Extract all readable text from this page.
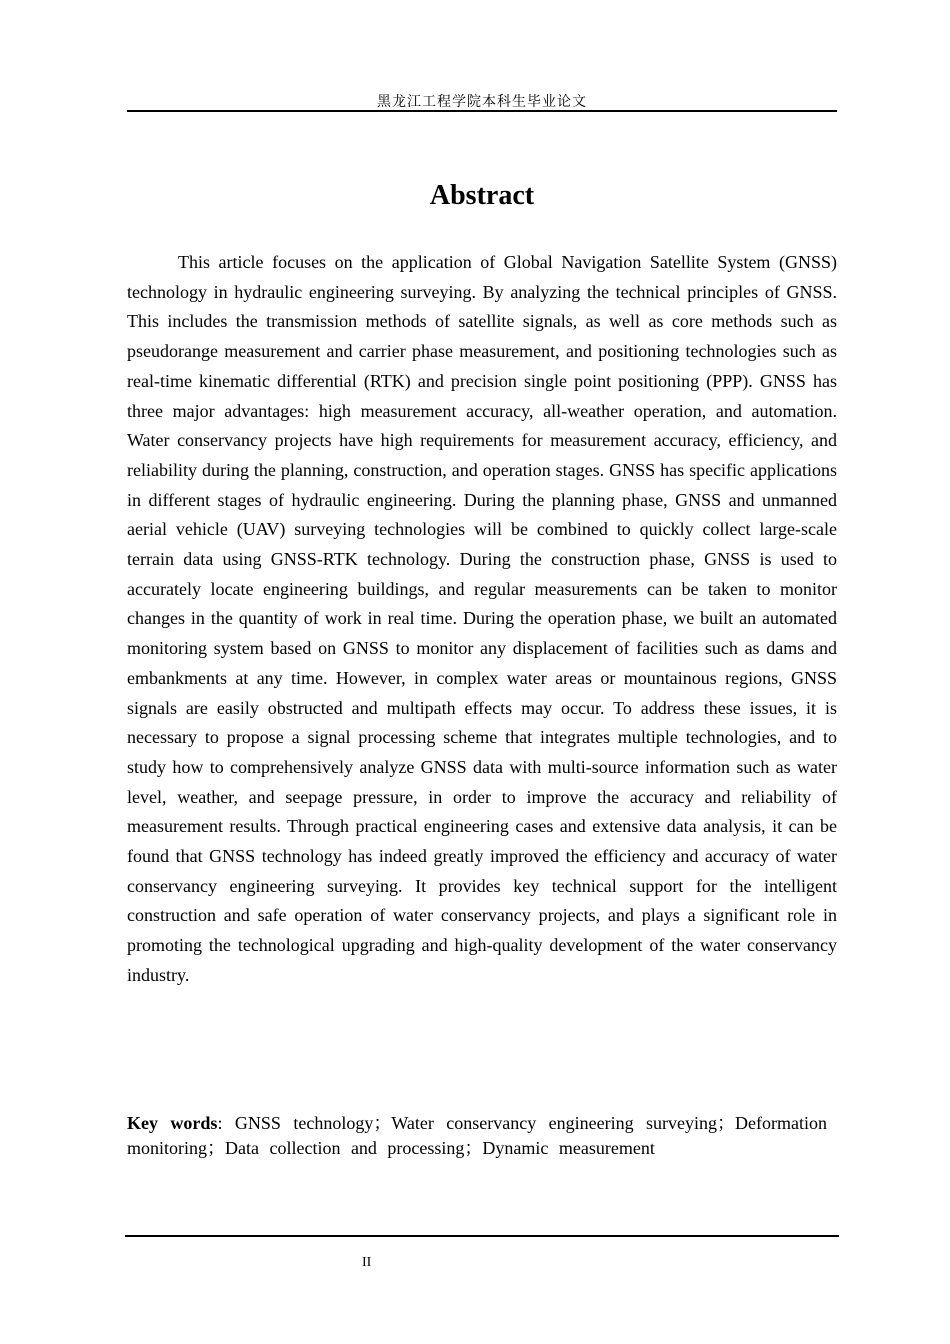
黑龙江工程学院本科生毕业论文
Abstract

This article focuses on the application of Global Navigation Satellite System (GNSS) technology in hydraulic engineering surveying. By analyzing the technical principles of GNSS. This includes the transmission methods of satellite signals, as well as core methods such as pseudorange measurement and carrier phase measurement, and positioning technologies such as real-time kinematic differential (RTK) and precision single point positioning (PPP). GNSS has three major advantages: high measurement accuracy, all-weather operation, and automation. Water conservancy projects have high requirements for measurement accuracy, efficiency, and reliability during the planning, construction, and operation stages. GNSS has specific applications in different stages of hydraulic engineering. During the planning phase, GNSS and unmanned aerial vehicle (UAV) surveying technologies will be combined to quickly collect large-scale terrain data using GNSS-RTK technology. During the construction phase, GNSS is used to accurately locate engineering buildings, and regular measurements can be taken to monitor changes in the quantity of work in real time. During the operation phase, we built an automated monitoring system based on GNSS to monitor any displacement of facilities such as dams and embankments at any time. However, in complex water areas or mountainous regions, GNSS signals are easily obstructed and multipath effects may occur. To address these issues, it is necessary to propose a signal processing scheme that integrates multiple technologies, and to study how to comprehensively analyze GNSS data with multi-source information such as water level, weather, and seepage pressure, in order to improve the accuracy and reliability of measurement results. Through practical engineering cases and extensive data analysis, it can be found that GNSS technology has indeed greatly improved the efficiency and accuracy of water conservancy engineering surveying. It provides key technical support for the intelligent construction and safe operation of water conservancy projects, and plays a significant role in promoting the technological upgrading and high-quality development of the water conservancy industry.

Key words: GNSS technology；Water conservancy engineering surveying；Deformation monitoring；Data collection and processing；Dynamic measurement

II
